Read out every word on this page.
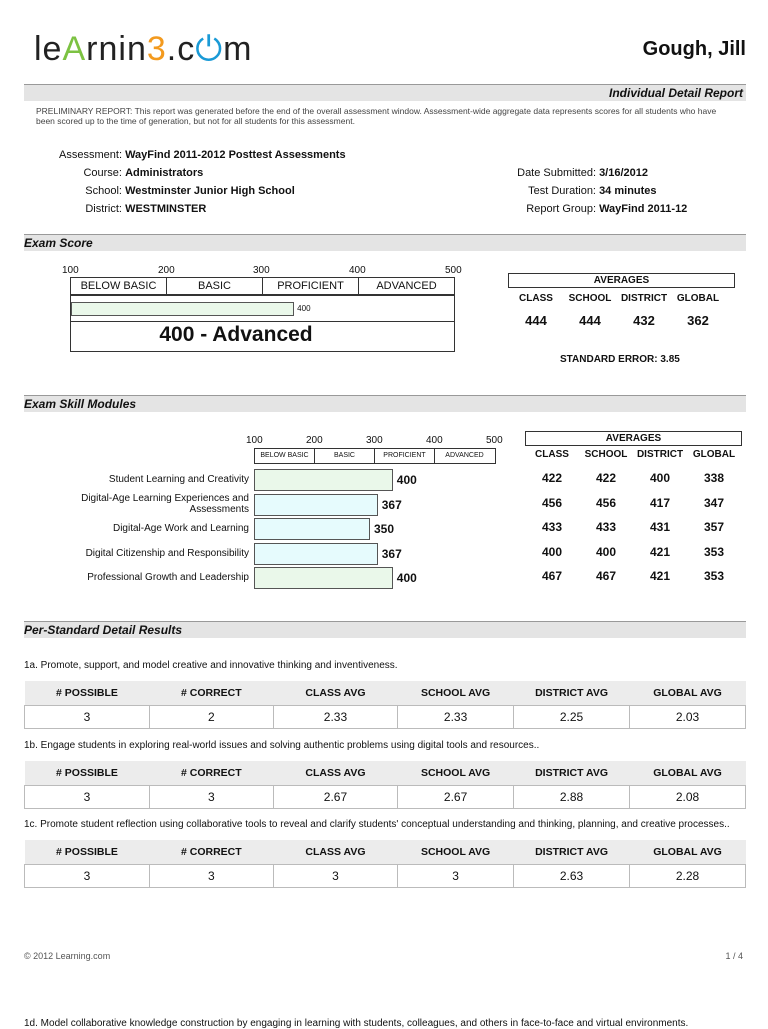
leArnin3.c⏻m	Gough, Jill
Individual Detail Report
PRELIMINARY REPORT: This report was generated before the end of the overall assessment window. Assessment-wide aggregate data represents scores for all students who have been scored up to the time of generation, but not for all students for this assessment.
Assessment: WayFind 2011-2012 Posttest Assessments
Course: Administrators
School: Westminster Junior High School
District: WESTMINSTER
Date Submitted: 3/16/2012
Test Duration: 34 minutes
Report Group: WayFind 2011-12
Exam Score
100	200	300	400	500
BELOW BASIC	BASIC	PROFICIENT	ADVANCED
400
400 - Advanced
AVERAGES
CLASS	SCHOOL DISTRICT GLOBAL
444	444	432	362
STANDARD ERROR: 3.85
Exam Skill Modules
100	200	300	400	500
BELOW BASIC	BASIC	PROFICIENT	ADVANCED
Student Learning and Creativity	400	422	422	400	338
Digital-Age Learning Experiences and Assessments	367	456	456	417	347
Digital-Age Work and Learning	350	433	433	431	357
Digital Citizenship and Responsibility	367	400	400	421	353
Professional Growth and Leadership	400	467	467	421	353
AVERAGES
CLASS	SCHOOL DISTRICT GLOBAL
Per-Standard Detail Results
1a. Promote, support, and model creative and innovative thinking and inventiveness.
# POSSIBLE	# CORRECT	CLASS AVG	SCHOOL AVG	DISTRICT AVG	GLOBAL AVG
3	2	2.33	2.33	2.25	2.03
1b. Engage students in exploring real-world issues and solving authentic problems using digital tools and resources..
# POSSIBLE	# CORRECT	CLASS AVG	SCHOOL AVG	DISTRICT AVG	GLOBAL AVG
3	3	2.67	2.67	2.88	2.08
1c. Promote student reflection using collaborative tools to reveal and clarify students' conceptual understanding and thinking, planning, and creative processes..
# POSSIBLE	# CORRECT	CLASS AVG	SCHOOL AVG	DISTRICT AVG	GLOBAL AVG
3	3	3	3	2.63	2.28
© 2012 Learning.com	1 / 4
1d. Model collaborative knowledge construction by engaging in learning with students, colleagues, and others in face-to-face and virtual environments.
